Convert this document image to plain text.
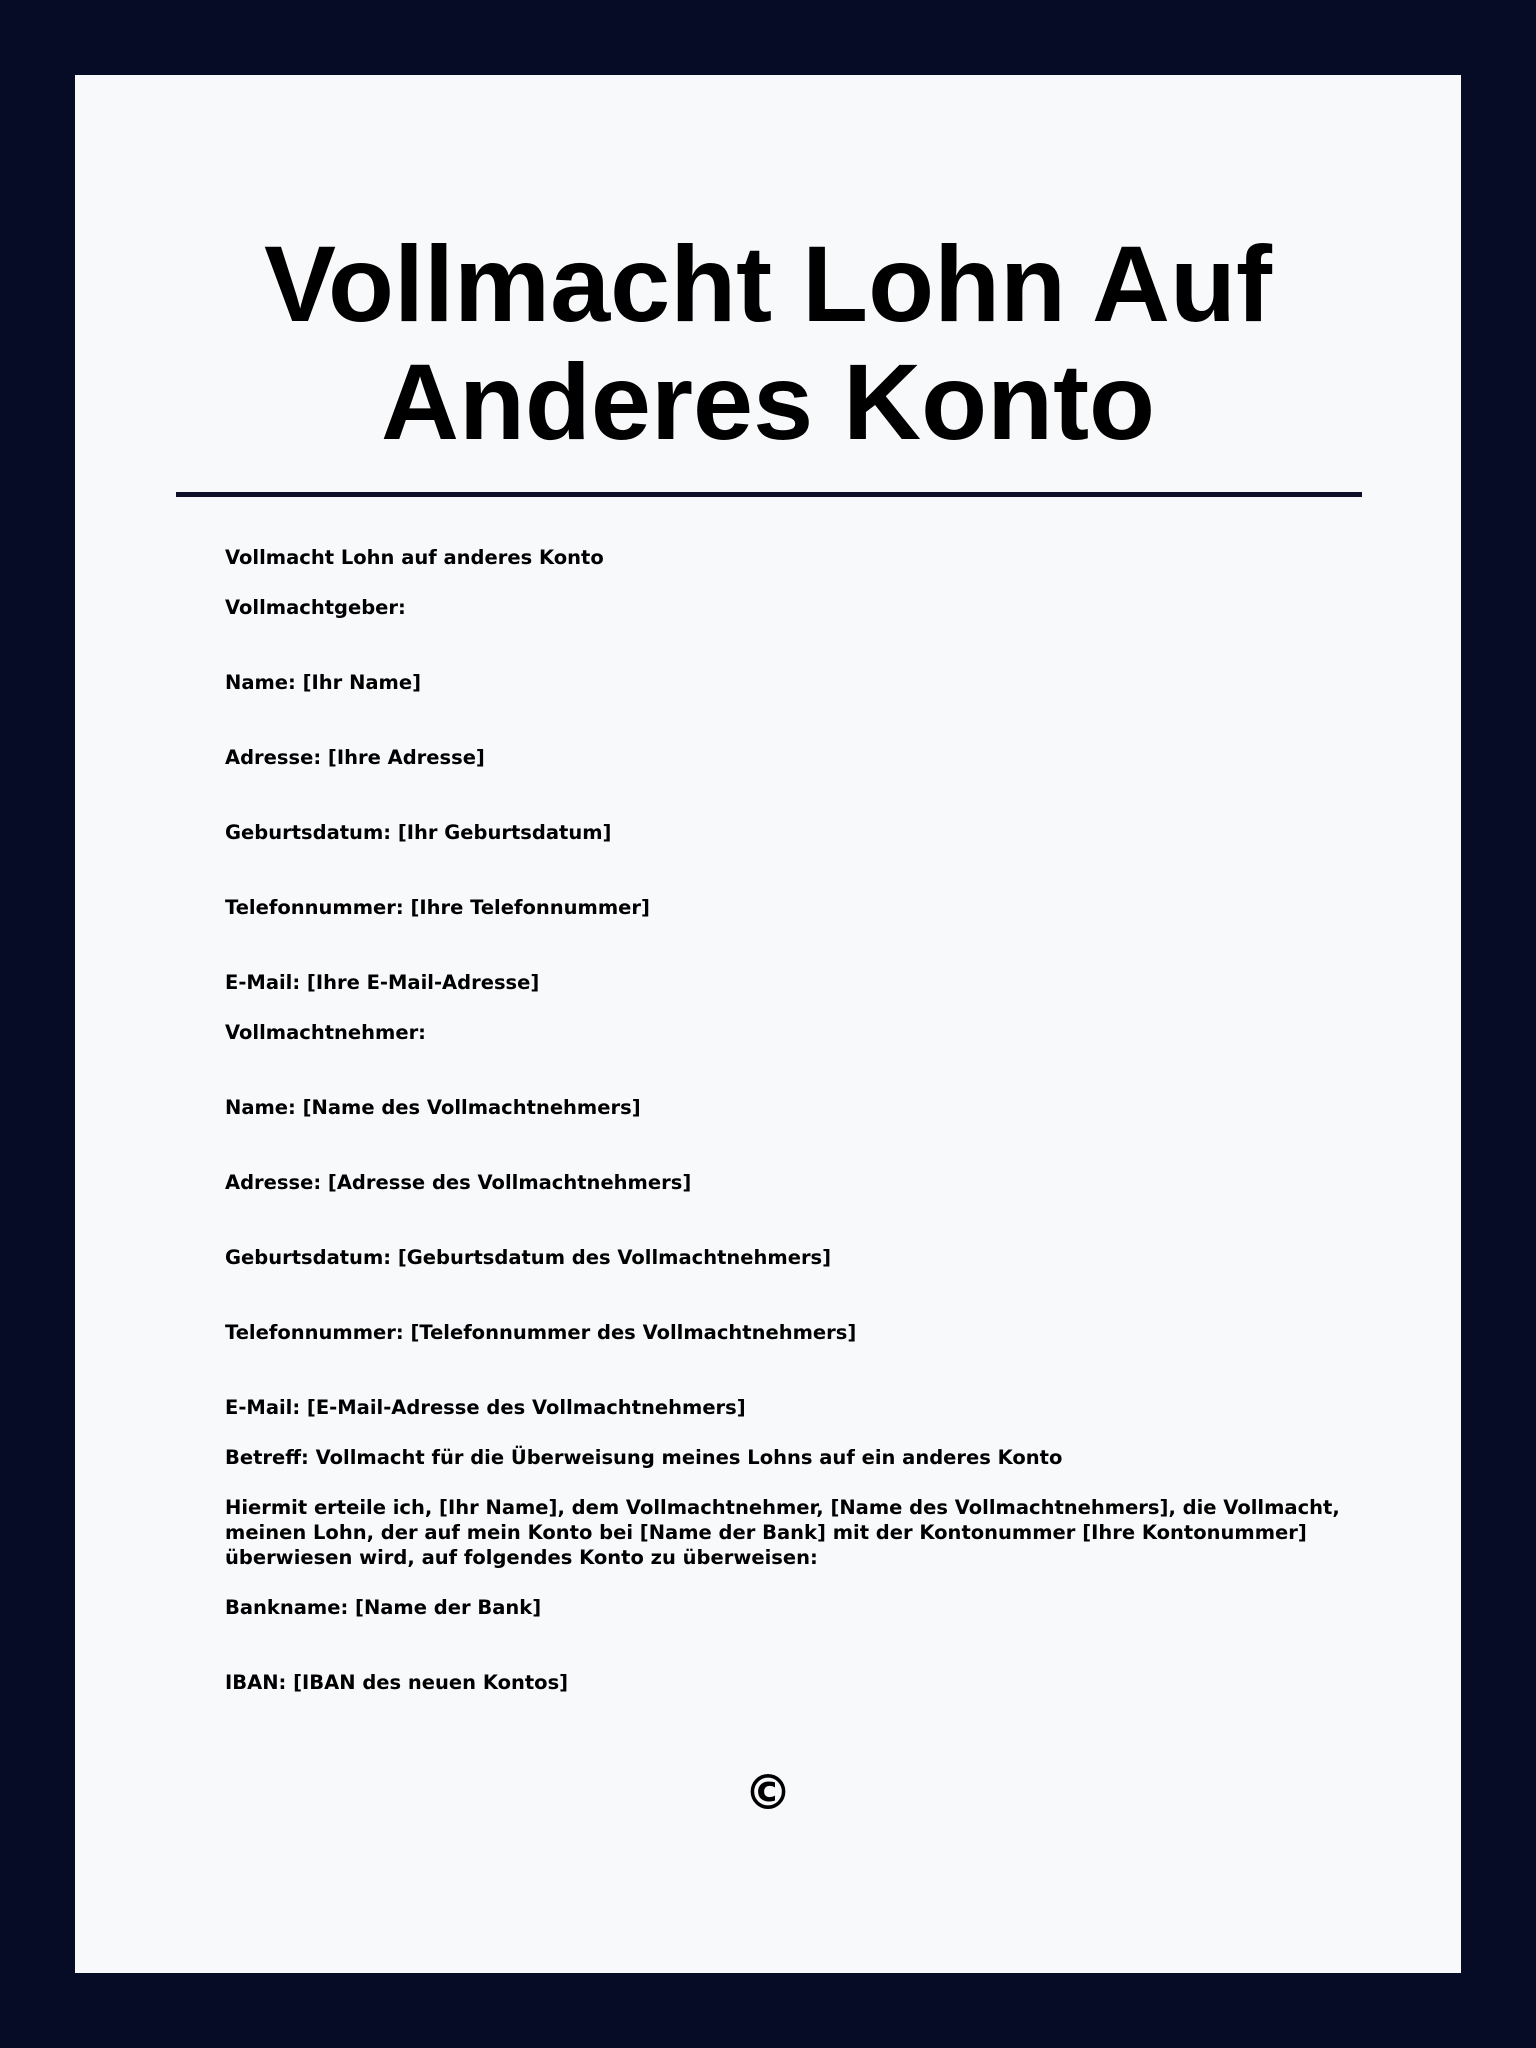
Vollmacht Lohn Auf Anderes Konto
Vollmacht Lohn auf anderes Konto
Vollmachtgeber:
Name: [Ihr Name]
Adresse: [Ihre Adresse]
Geburtsdatum: [Ihr Geburtsdatum]
Telefonnummer: [Ihre Telefonnummer]
E-Mail: [Ihre E-Mail-Adresse]
Vollmachtnehmer:
Name: [Name des Vollmachtnehmers]
Adresse: [Adresse des Vollmachtnehmers]
Geburtsdatum: [Geburtsdatum des Vollmachtnehmers]
Telefonnummer: [Telefonnummer des Vollmachtnehmers]
E-Mail: [E-Mail-Adresse des Vollmachtnehmers]
Betreff: Vollmacht für die Überweisung meines Lohns auf ein anderes Konto
Hiermit erteile ich, [Ihr Name], dem Vollmachtnehmer, [Name des Vollmachtnehmers], die Vollmacht, meinen Lohn, der auf mein Konto bei [Name der Bank] mit der Kontonummer [Ihre Kontonummer] überwiesen wird, auf folgendes Konto zu überweisen:
Bankname: [Name der Bank]
IBAN: [IBAN des neuen Kontos]
©
